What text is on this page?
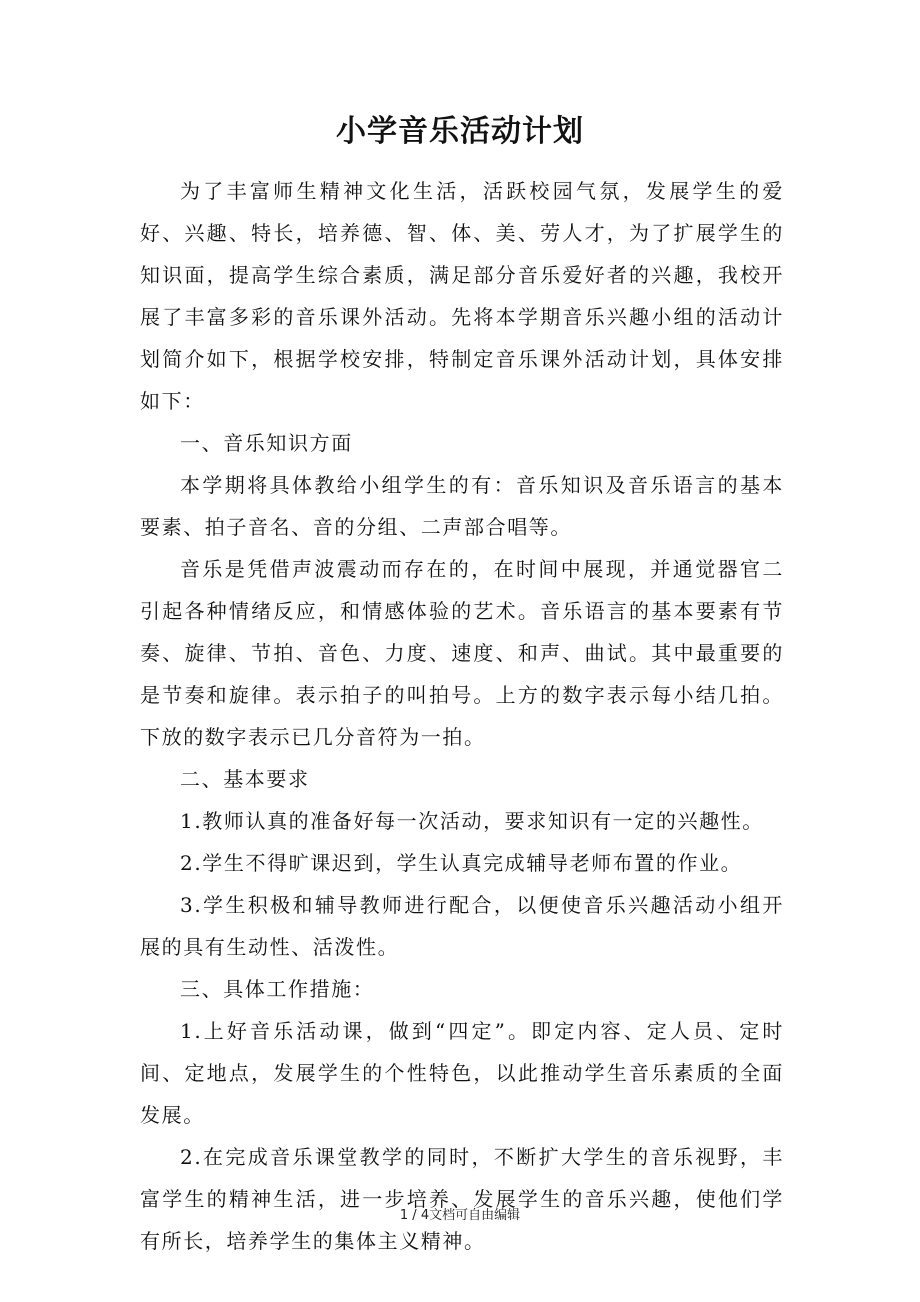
小学音乐活动计划

为了丰富师生精神文化生活，活跃校园气氛，发展学生的爱好、兴趣、特长，培养德、智、体、美、劳人才，为了扩展学生的知识面，提高学生综合素质，满足部分音乐爱好者的兴趣，我校开展了丰富多彩的音乐课外活动。先将本学期音乐兴趣小组的活动计划简介如下，根据学校安排，特制定音乐课外活动计划，具体安排如下：

一、音乐知识方面

本学期将具体教给小组学生的有：音乐知识及音乐语言的基本要素、拍子音名、音的分组、二声部合唱等。

音乐是凭借声波震动而存在的，在时间中展现，并通觉器官二引起各种情绪反应，和情感体验的艺术。音乐语言的基本要素有节奏、旋律、节拍、音色、力度、速度、和声、曲试。其中最重要的是节奏和旋律。表示拍子的叫拍号。上方的数字表示每小结几拍。下放的数字表示已几分音符为一拍。

二、基本要求

1.教师认真的准备好每一次活动，要求知识有一定的兴趣性。

2.学生不得旷课迟到，学生认真完成辅导老师布置的作业。

3.学生积极和辅导教师进行配合，以便使音乐兴趣活动小组开展的具有生动性、活泼性。

三、具体工作措施：

1.上好音乐活动课，做到“四定”。即定内容、定人员、定时间、定地点，发展学生的个性特色，以此推动学生音乐素质的全面发展。

2.在完成音乐课堂教学的同时，不断扩大学生的音乐视野，丰富学生的精神生活，进一步培养、发展学生的音乐兴趣，使他们学有所长，培养学生的集体主义精神。

1 / 4文档可自由编辑
